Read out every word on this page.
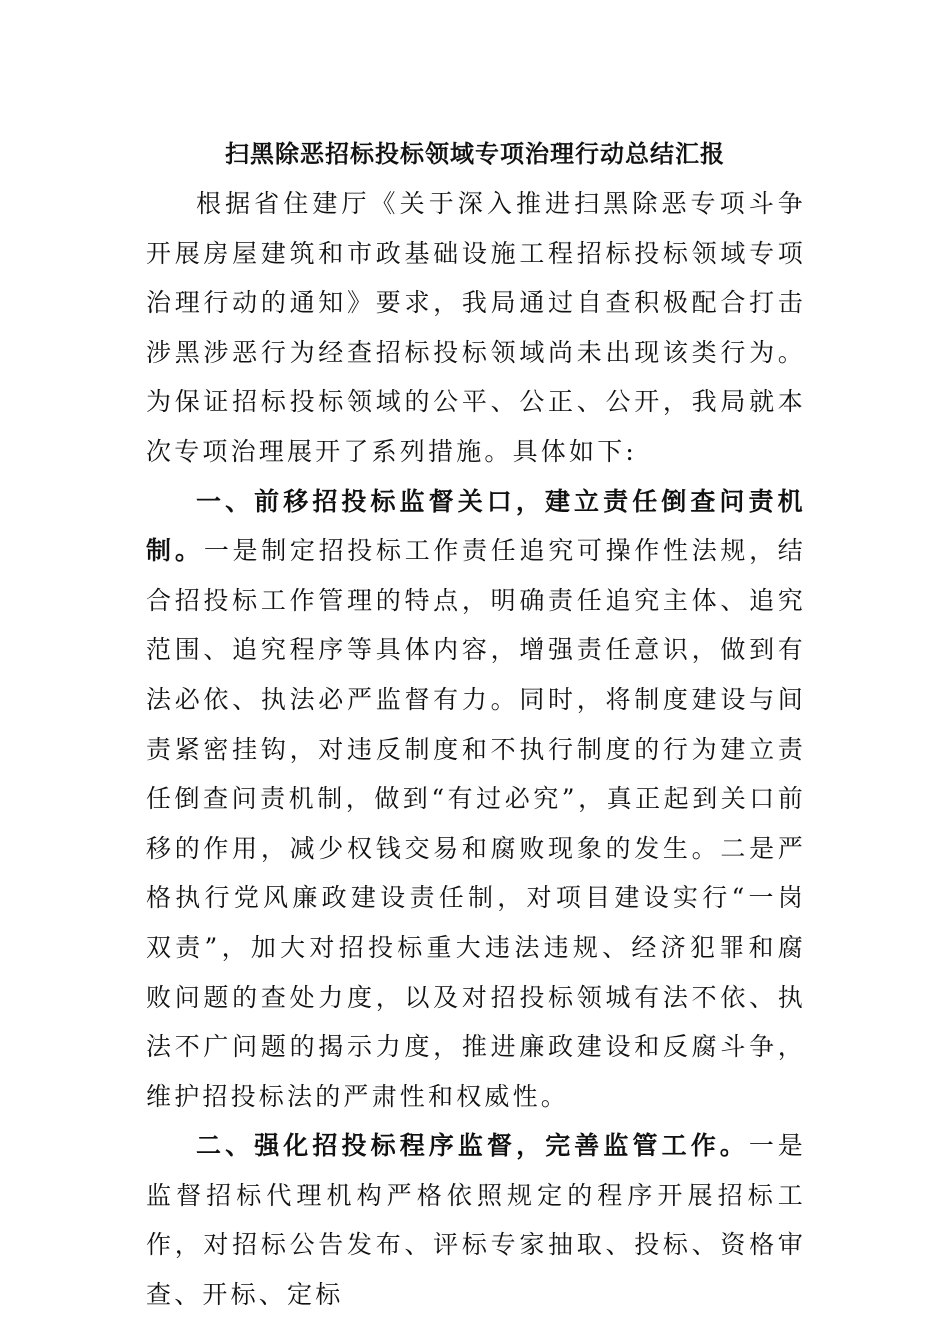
扫黑除恶招标投标领域专项治理行动总结汇报

根据省住建厅《关于深入推进扫黑除恶专项斗争开展房屋建筑和市政基础设施工程招标投标领域专项治理行动的通知》要求，我局通过自查积极配合打击涉黑涉恶行为经查招标投标领域尚未出现该类行为。为保证招标投标领域的公平、公正、公开，我局就本次专项治理展开了系列措施。具体如下:

一、前移招投标监督关口，建立责任倒查问责机制。一是制定招投标工作责任追究可操作性法规，结合招投标工作管理的特点，明确责任追究主体、追究范围、追究程序等具体内容，增强责任意识，做到有法必依、执法必严监督有力。同时，将制度建设与间责紧密挂钩，对违反制度和不执行制度的行为建立责任倒查问责机制，做到“有过必究”，真正起到关口前移的作用，减少权钱交易和腐败现象的发生。二是严格执行党风廉政建设责任制，对项目建设实行“一岗双责”，加大对招投标重大违法违规、经济犯罪和腐败问题的查处力度，以及对招投标领城有法不依、执法不广问题的揭示力度，推进廉政建设和反腐斗争，维护招投标法的严肃性和权威性。

二、强化招投标程序监督，完善监管工作。一是监督招标代理机构严格依照规定的程序开展招标工作，对招标公告发布、评标专家抽取、投标、资格审查、开标、定标
